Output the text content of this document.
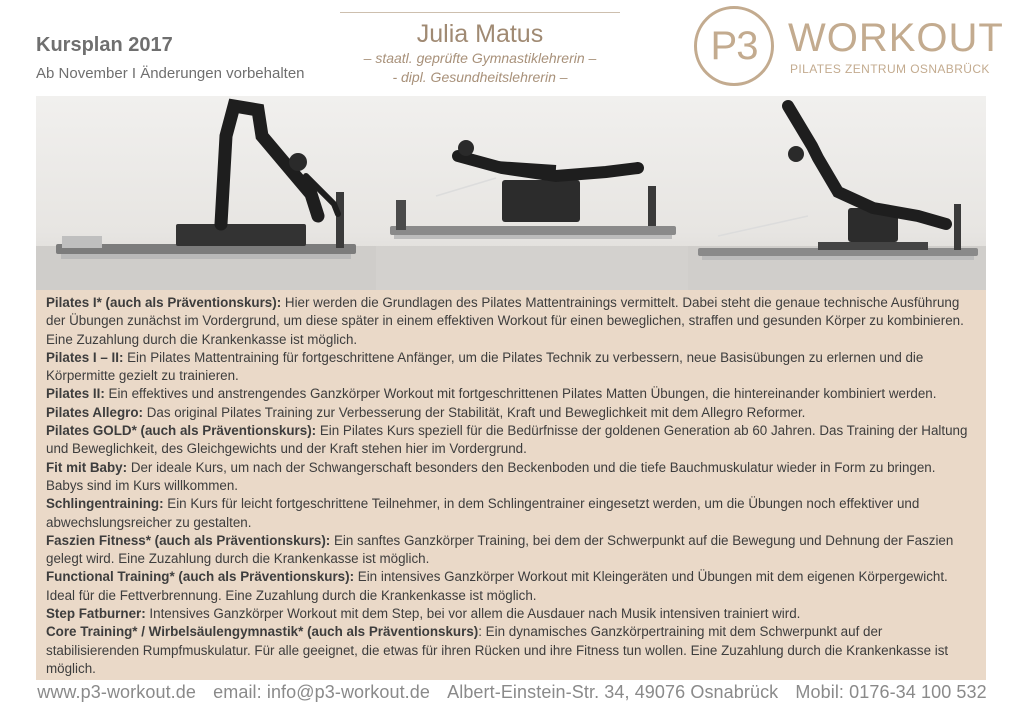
Kursplan 2017
Ab November I Änderungen vorbehalten
Julia Matus
– staatl. geprüfte Gymnastiklehrerin –
- dipl. Gesundheitslehrerin –
P3 WORKOUT
PILATES ZENTRUM OSNABRÜCK

Pilates I* (auch als Präventionskurs): Hier werden die Grundlagen des Pilates Mattentrainings vermittelt. Dabei steht die genaue technische Ausführung der Übungen zunächst im Vordergrund, um diese später in einem effektiven Workout für einen beweglichen, straffen und gesunden Körper zu kombinieren. Eine Zuzahlung durch die Krankenkasse ist möglich.

Pilates I – II: Ein Pilates Mattentraining für fortgeschrittene Anfänger, um die Pilates Technik zu verbessern, neue Basisübungen zu erlernen und die Körpermitte gezielt zu trainieren.

Pilates II: Ein effektives und anstrengendes Ganzkörper Workout mit fortgeschrittenen Pilates Matten Übungen, die hintereinander kombiniert werden.

Pilates Allegro: Das original Pilates Training zur Verbesserung der Stabilität, Kraft und Beweglichkeit mit dem Allegro Reformer.

Pilates GOLD* (auch als Präventionskurs): Ein Pilates Kurs speziell für die Bedürfnisse der goldenen Generation ab 60 Jahren. Das Training der Haltung und Beweglichkeit, des Gleichgewichts und der Kraft stehen hier im Vordergrund.

Fit mit Baby: Der ideale Kurs, um nach der Schwangerschaft besonders den Beckenboden und die tiefe Bauchmuskulatur wieder in Form zu bringen. Babys sind im Kurs willkommen.

Schlingentraining: Ein Kurs für leicht fortgeschrittene Teilnehmer, in dem Schlingentrainer eingesetzt werden, um die Übungen noch effektiver und abwechslungsreicher zu gestalten.

Faszien Fitness* (auch als Präventionskurs): Ein sanftes Ganzkörper Training, bei dem der Schwerpunkt auf die Bewegung und Dehnung der Faszien gelegt wird. Eine Zuzahlung durch die Krankenkasse ist möglich.

Functional Training* (auch als Präventionskurs): Ein intensives Ganzkörper Workout mit Kleingeräten und Übungen mit dem eigenen Körpergewicht. Ideal für die Fettverbrennung. Eine Zuzahlung durch die Krankenkasse ist möglich.

Step Fatburner: Intensives Ganzkörper Workout mit dem Step, bei vor allem die Ausdauer nach Musik intensiven trainiert wird.

Core Training* / Wirbelsäulengymnastik* (auch als Präventionskurs): Ein dynamisches Ganzkörpertraining mit dem Schwerpunkt auf der stabilisierenden Rumpfmuskulatur. Für alle geeignet, die etwas für ihren Rücken und ihre Fitness tun wollen. Eine Zuzahlung durch die Krankenkasse ist möglich.

www.p3-workout.de email: info@p3-workout.de Albert-Einstein-Str. 34, 49076 Osnabrück Mobil: 0176-34 100 532
